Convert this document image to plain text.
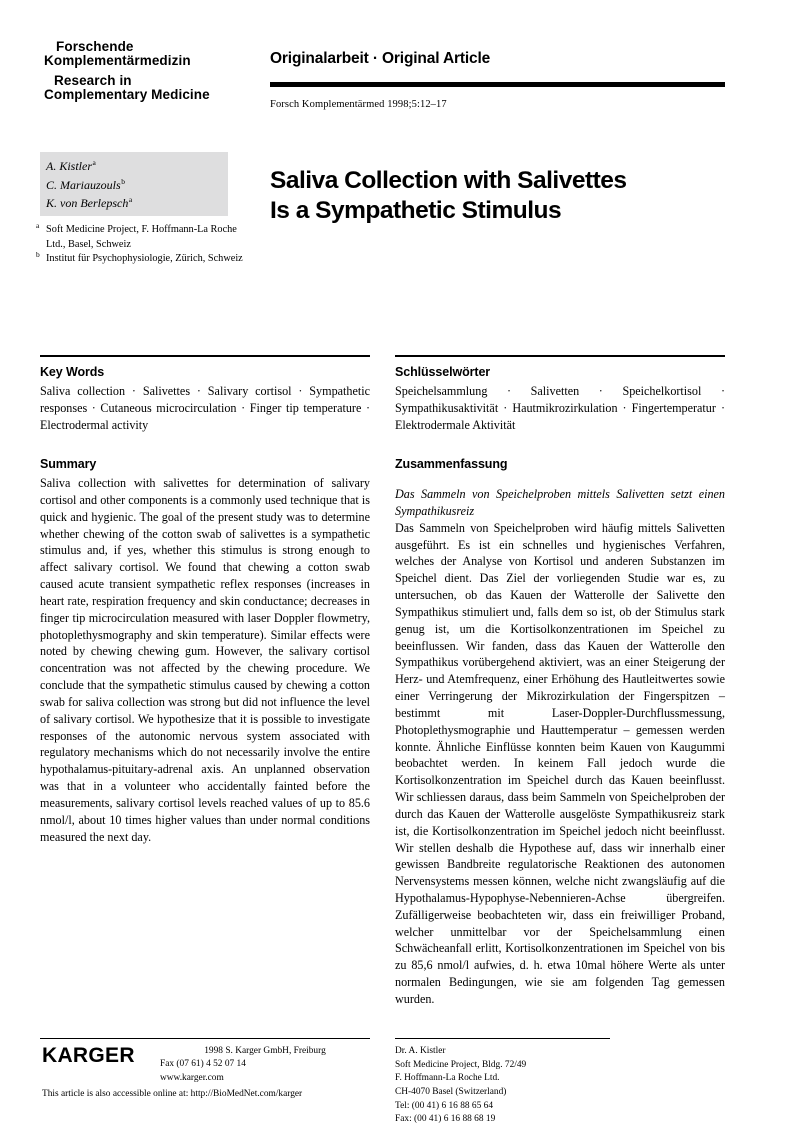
Forschende
Komplementärmedizin
Research in
Complementary Medicine
Originalarbeit · Original Article
Forsch Komplementärmed 1998;5:12–17
A. Kistler$^a$
C. Mariauzouls$^b$
K. von Berlepsch$^a$
a Soft Medicine Project, F. Hoffmann-La Roche Ltd., Basel, Schweiz
b Institut für Psychophysiologie, Zürich, Schweiz
Saliva Collection with Salivettes
Is a Sympathetic Stimulus
Key Words

Saliva collection · Salivettes · Salivary cortisol · Sympathetic responses · Cutaneous microcirculation · Finger tip temperature · Electrodermal activity

Summary

Saliva collection with salivettes for determination of salivary cortisol and other components is a commonly used technique that is quick and hygienic. The goal of the present study was to determine whether chewing of the cotton swab of salivettes is a sympathetic stimulus and, if yes, whether this stimulus is strong enough to affect salivary cortisol. We found that chewing a cotton swab caused acute transient sympathetic reflex responses (increases in heart rate, respiration frequency and skin conductance; decreases in finger tip microcirculation measured with laser Doppler flowmetry, photoplethysmography and skin temperature). Similar effects were noted by chewing chewing gum. However, the salivary cortisol concentration was not affected by the chewing procedure. We conclude that the sympathetic stimulus caused by chewing a cotton swab for saliva collection was strong but did not influence the level of salivary cortisol. We hypothesize that it is possible to investigate responses of the autonomic nervous system associated with regulatory mechanisms which do not necessarily involve the entire hypothalamus-pituitary-adrenal axis. An unplanned observation was that in a volunteer who accidentally fainted before the measurements, salivary cortisol levels reached values of up to 85.6 nmol/l, about 10 times higher values than under normal conditions measured the next day.

Schlüsselwörter

Speichelsammlung · Salivetten · Speichelkortisol · Sympathikusaktivität · Hautmikrozirkulation · Fingertemperatur · Elektrodermale Aktivität

Zusammenfassung

Das Sammeln von Speichelproben mittels Salivetten setzt einen Sympathikusreiz

Das Sammeln von Speichelproben wird häufig mittels Salivetten ausgeführt. Es ist ein schnelles und hygienisches Verfahren, welches der Analyse von Kortisol und anderen Substanzen im Speichel dient. Das Ziel der vorliegenden Studie war es, zu untersuchen, ob das Kauen der Watterolle der Salivette den Sympathikus stimuliert und, falls dem so ist, ob der Stimulus stark genug ist, um die Kortisolkonzentrationen im Speichel zu beeinflussen. Wir fanden, dass das Kauen der Watterolle den Sympathikus vorübergehend aktiviert, was an einer Steigerung der Herz- und Atemfrequenz, einer Erhöhung des Hautleitwertes sowie einer Verringerung der Mikrozirkulation der Fingerspitzen – bestimmt mit Laser-Doppler-Durchflussmessung, Photoplethysmographie und Hauttemperatur – gemessen werden konnte. Ähnliche Einflüsse konnten beim Kauen von Kaugummi beobachtet werden. In keinem Fall jedoch wurde die Kortisolkonzentration im Speichel durch das Kauen beeinflusst. Wir schliessen daraus, dass beim Sammeln von Speichelproben der durch das Kauen der Watterolle ausgelöste Sympathikusreiz stark ist, die Kortisolkonzentration im Speichel jedoch nicht beeinflusst. Wir stellen deshalb die Hypothese auf, dass wir innerhalb einer gewissen Bandbreite regulatorische Reaktionen des autonomen Nervensystems messen können, welche nicht zwangsläufig auf die Hypothalamus-Hypophyse-Nebennieren-Achse übergreifen. Zufälligerweise beobachteten wir, dass ein freiwilliger Proband, welcher unmittelbar vor der Speichelsammlung einen Schwächeanfall erlitt, Kortisolkonzentrationen im Speichel von bis zu 85,6 nmol/l aufwies, d. h. etwa 10mal höhere Werte als unter normalen Bedingungen, wie sie am folgenden Tag gemessen wurden.

KARGER	1998 S. Karger GmbH, Freiburg
Fax (07 61) 4 52 07 14
www.karger.com
This article is also accessible online at: http://BioMedNet.com/karger
Dr. A. Kistler
Soft Medicine Project, Bldg. 72/49
F. Hoffmann-La Roche Ltd.
CH-4070 Basel (Switzerland)
Tel: (00 41) 6 16 88 65 64
Fax: (00 41) 6 16 88 68 19
